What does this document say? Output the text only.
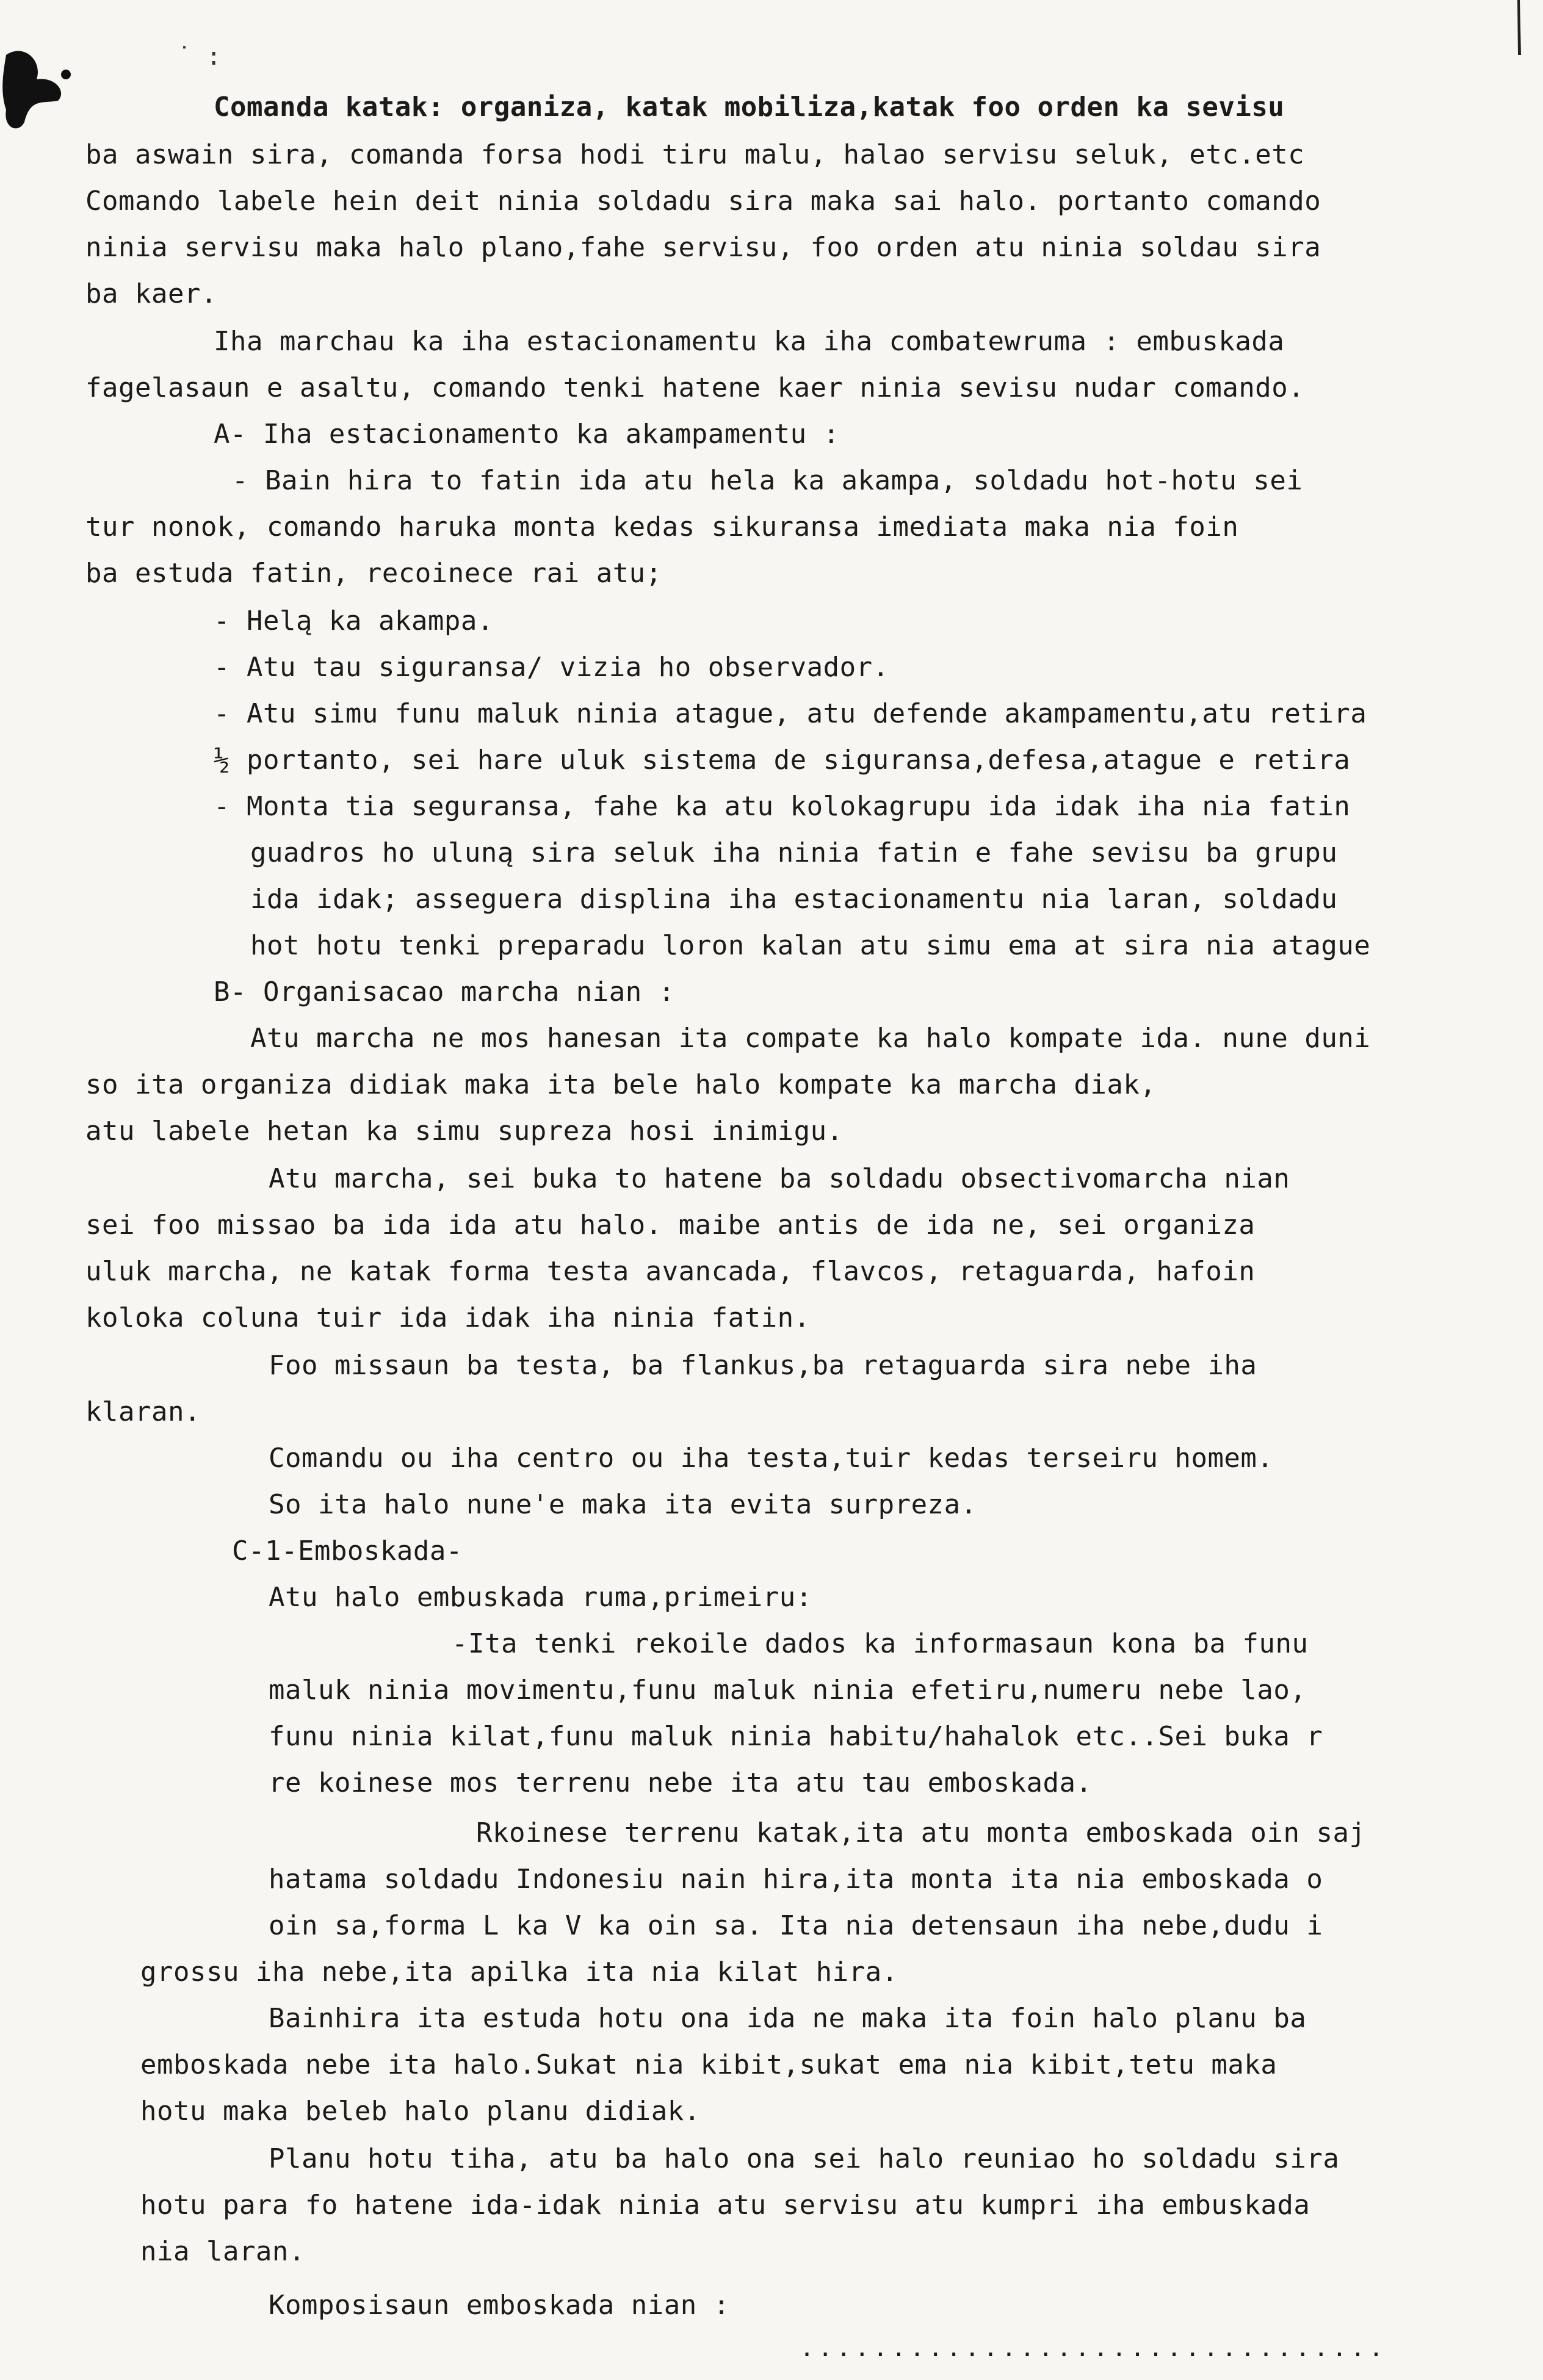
˙ :
Comanda katak: organiza, katak mobiliza,katak foo orden ka sevisu
ba aswain sira, comanda forsa hodi tiru malu, halao servisu seluk, etc.etc
Comando labele hein deit ninia soldadu sira maka sai halo. portanto comando
ninia servisu maka halo plano,fahe servisu, foo orden atu ninia soldau sira
ba kaer.
Iha marchau ka iha estacionamentu ka iha combatewruma : embuskada
fagelasaun e asaltu, comando tenki hatene kaer ninia sevisu nudar comando.
A- Iha estacionamento ka akampamentu :
- Bain hira to fatin ida atu hela ka akampa, soldadu hot-hotu sei
tur nonok, comando haruka monta kedas sikuransa imediata maka nia foin
ba estuda fatin, recoinece rai atu;
- Helą ka akampa.
- Atu tau siguransa/ vizia ho observador.
- Atu simu funu maluk ninia atague, atu defende akampamentu,atu retira
½ portanto, sei hare uluk sistema de siguransa,defesa,atague e retira
- Monta tia seguransa, fahe ka atu kolokagrupu ida idak iha nia fatin
guadros ho uluną sira seluk iha ninia fatin e fahe sevisu ba grupu
ida idak; asseguera displina iha estacionamentu nia laran, soldadu
hot hotu tenki preparadu loron kalan atu simu ema at sira nia atague
B- Organisacao marcha nian :
Atu marcha ne mos hanesan ita compate ka halo kompate ida. nune duni
so ita organiza didiak maka ita bele halo kompate ka marcha diak,
atu labele hetan ka simu supreza hosi inimigu.
Atu marcha, sei buka to hatene ba soldadu obsectivomarcha nian
sei foo missao ba ida ida atu halo. maibe antis de ida ne, sei organiza
uluk marcha, ne katak forma testa avancada, flavcos, retaguarda, hafoin
koloka coluna tuir ida idak iha ninia fatin.
Foo missaun ba testa, ba flankus,ba retaguarda sira nebe iha
klaran.
Comandu ou iha centro ou iha testa,tuir kedas terseiru homem.
So ita halo nune'e maka ita evita surpreza.
C-1-Emboskada-
Atu halo embuskada ruma,primeiru:
-Ita tenki rekoile dados ka informasaun kona ba funu
maluk ninia movimentu,funu maluk ninia efetiru,numeru nebe lao,
funu ninia kilat,funu maluk ninia habitu/hahalok etc..Sei buka r
re koinese mos terrenu nebe ita atu tau emboskada.
Rkoinese terrenu katak,ita atu monta emboskada oin saj
hatama soldadu Indonesiu nain hira,ita monta ita nia emboskada o
oin sa,forma L ka V ka oin sa. Ita nia detensaun iha nebe,dudu i
grossu iha nebe,ita apilka ita nia kilat hira.
Bainhira ita estuda hotu ona ida ne maka ita foin halo planu ba
emboskada nebe ita halo.Sukat nia kibit,sukat ema nia kibit,tetu maka
hotu maka beleb halo planu didiak.
Planu hotu tiha, atu ba halo ona sei halo reuniao ho soldadu sira
hotu para fo hatene ida-idak ninia atu servisu atu kumpri iha embuskada
nia laran.
Komposisaun emboskada nian :
................................
